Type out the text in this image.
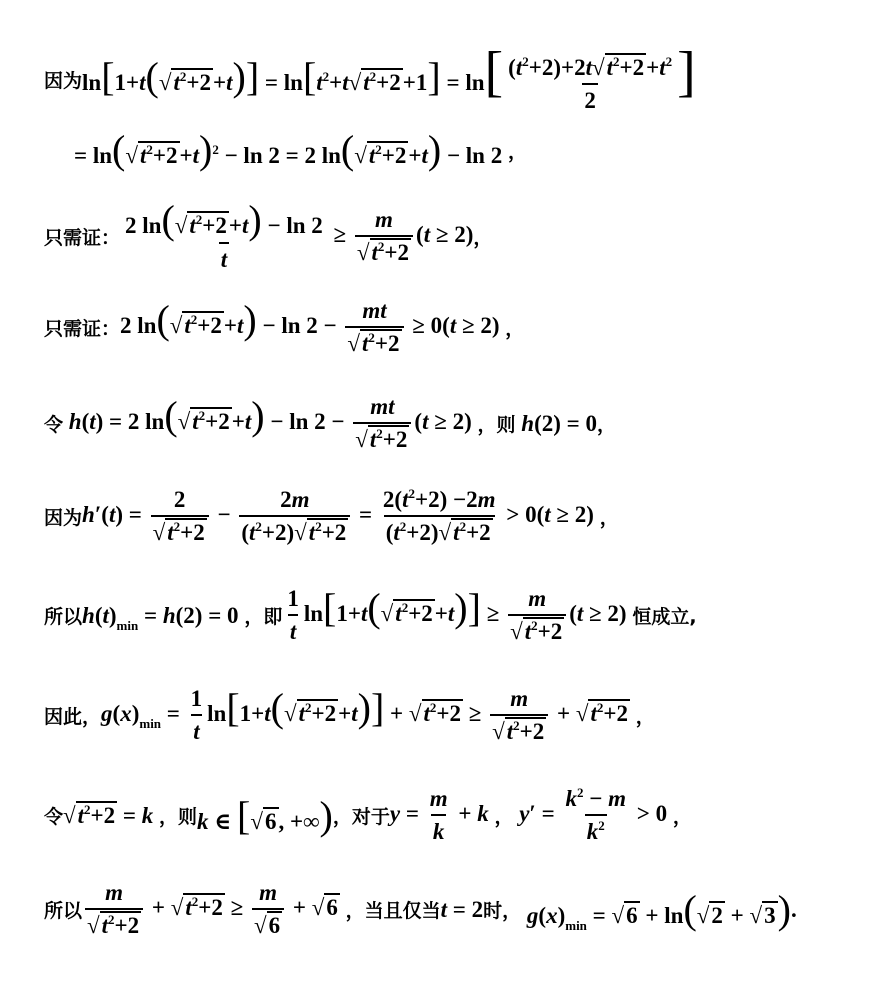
因为 $\ln[1+t(√t^2+2+t)] = \ln[t^2+t√t^2+2+1] = \ln[ \frac{(t^2+2)+2t√t^2+2+t^2}{2}$ ]
= $\ln(√t^2+2+t)^2 - \ln 2 = 2$ $\ln(√t^2+2+t) - \ln 2$ ，
只需证： $\frac{2 \ln(√t^2+2+t) - \ln 2}{t} \ge \frac{m}{√t^2+2} (t \ge 2)$ ，
只需证： 2 $\ln(√t^2+2+t) - \ln 2 - \frac{mt}{√t^2+2} \ge 0(t \ge 2)$ ，
令 h(t) = 2 $\ln(√t^2+2+t) - \ln 2 - \frac{mt}{√t^2+2} (t \ge 2)$ ，则 h(2) = 0 ，
因为 $h'(t) = \frac{2}{√t^2+2} - \frac{2m}{(t^2+2)√t^2+2} = \frac{2(t^2+2) -2m}{(t^2+2)√t^2+2} > 0(t \ge 2)$ ，
所以 $h(t)_{min} = h(2) = 0$ ，即 $\frac{1}{t} \ln[1+t(√t^2+2+t)] \ge \frac{m}{√t^2+2} (t \ge 2)$ 恒成立,
因此， $g(x)_{min} = \frac{1}{t} \ln[1+t(√t^2+2+t)] + √t^2+2 \ge \frac{m}{√t^2+2} + √t^2+2$ ，
令 $√t^2+2 = k$ ，则 k ∈ [√6, +∞) ，对于 $y = \frac{m}{k} + k$ ， $y' = \frac{k^2 - m}{k^2} > 0$ ，
所以 $\frac{m}{√t^2+2} + √t^2+2 \ge \frac{m}{√6} + √6$ ，当且仅当 t = 2 时， $g(x)_{min} = √6 + \ln(√2 + √3)$ .
